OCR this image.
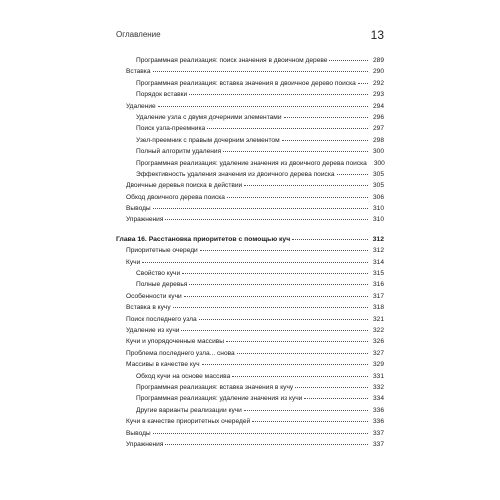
Оглавление	13
Программная реализация: поиск значения в двоичном дереве	289
Вставка	290
Программная реализация: вставка значения в двоичное дерево поиска	292
Порядок вставки	293
Удаление	294
Удаление узла с двумя дочерними элементами	296
Поиск узла-преемника	297
Узел-преемник с правым дочерним элементом	298
Полный алгоритм удаления	300
Программная реализация: удаление значения из двоичного дерева поиска	300
Эффективность удаления значения из двоичного дерева поиска	305
Двоичные деревья поиска в действии	305
Обход двоичного дерева поиска	306
Выводы	310
Упражнения	310
Глава 16. Расстановка приоритетов с помощью куч	312
Приоритетные очереди	312
Кучи	314
Свойство кучи	315
Полные деревья	316
Особенности кучи	317
Вставка в кучу	318
Поиск последнего узла	321
Удаление из кучи	322
Кучи и упорядоченные массивы	326
Проблема последнего узла... снова	327
Массивы в качестве куч	329
Обход кучи на основе массива	331
Программная реализация: вставка значения в кучу	332
Программная реализация: удаление значения из кучи	334
Другие варианты реализации кучи	336
Кучи в качестве приоритетных очередей	336
Выводы	337
Упражнения	337
